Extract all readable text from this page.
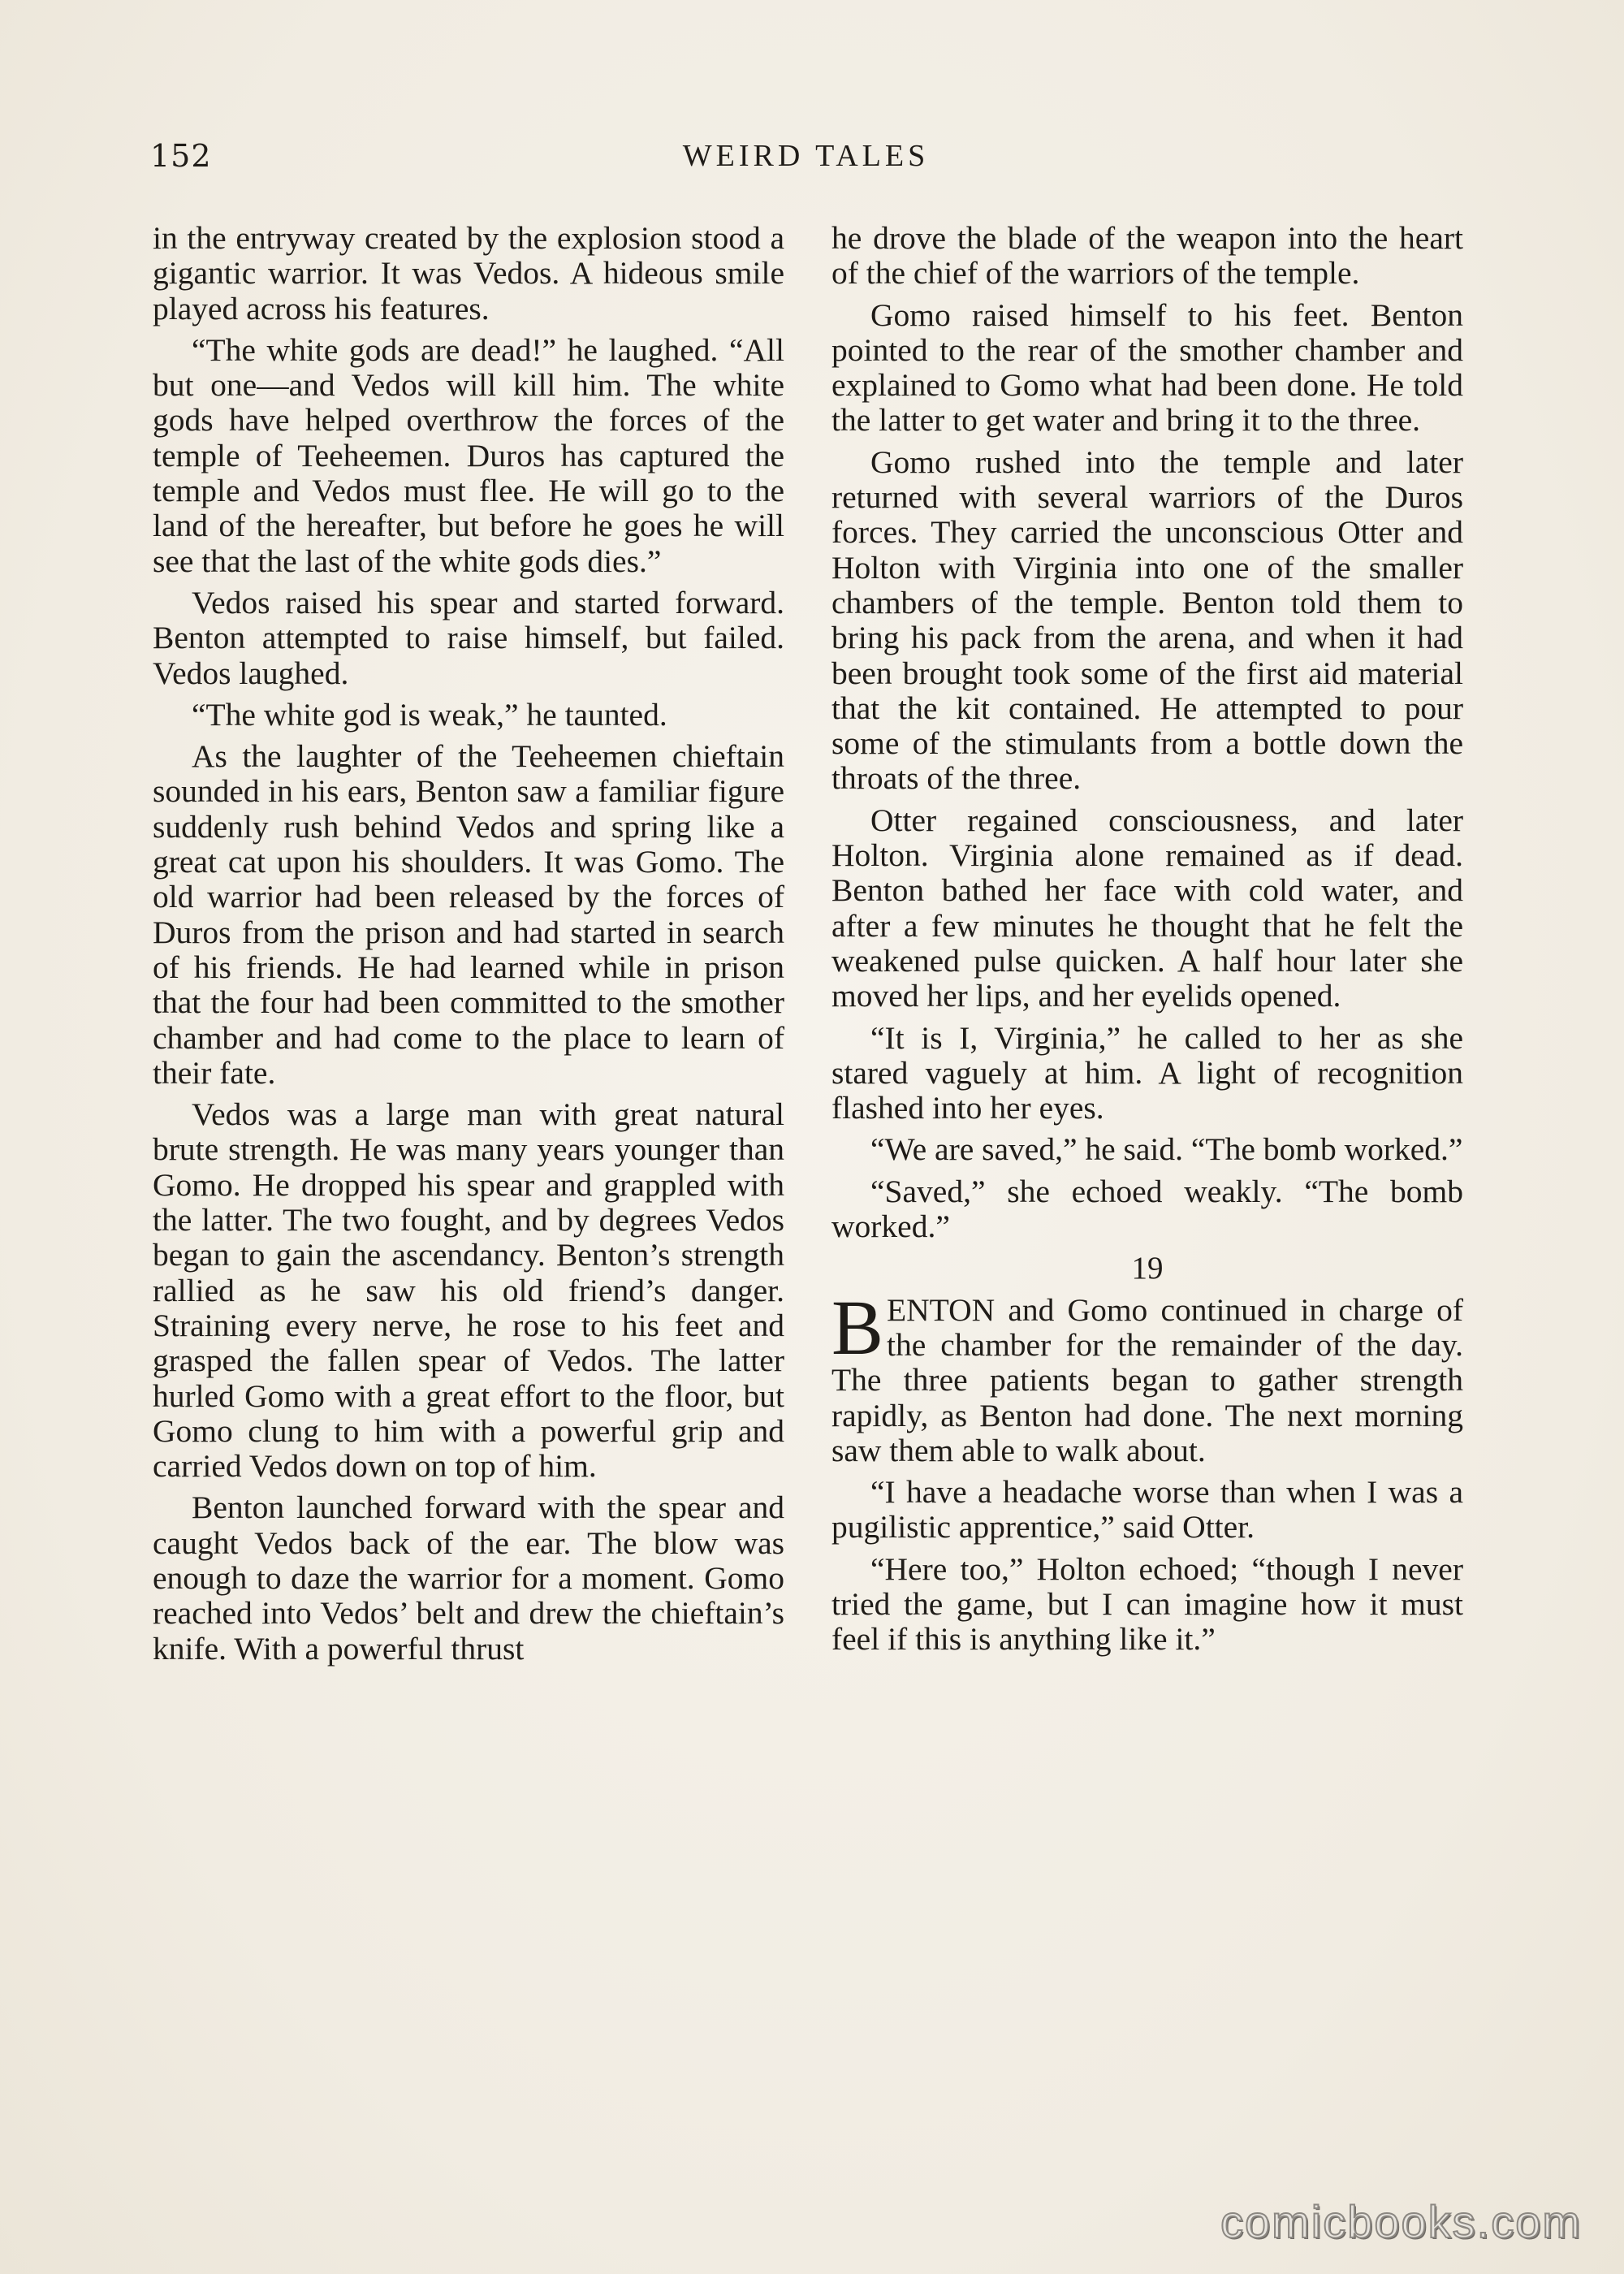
152	WEIRD TALES

in the entryway created by the explosion stood a gigantic warrior. It was Vedos. A hideous smile played across his features.

“The white gods are dead!” he laughed. “All but one—and Vedos will kill him. The white gods have helped overthrow the forces of the temple of Teeheemen. Duros has captured the temple and Vedos must flee. He will go to the land of the hereafter, but before he goes he will see that the last of the white gods dies.”

Vedos raised his spear and started forward. Benton attempted to raise himself, but failed. Vedos laughed.

“The white god is weak,” he taunted.

As the laughter of the Teeheemen chieftain sounded in his ears, Benton saw a familiar figure suddenly rush behind Vedos and spring like a great cat upon his shoulders. It was Gomo. The old warrior had been released by the forces of Duros from the prison and had started in search of his friends. He had learned while in prison that the four had been committed to the smother chamber and had come to the place to learn of their fate.

Vedos was a large man with great natural brute strength. He was many years younger than Gomo. He dropped his spear and grappled with the latter. The two fought, and by degrees Vedos began to gain the ascendancy. Benton’s strength rallied as he saw his old friend’s danger. Straining every nerve, he rose to his feet and grasped the fallen spear of Vedos. The latter hurled Gomo with a great effort to the floor, but Gomo clung to him with a powerful grip and carried Vedos down on top of him.

Benton launched forward with the spear and caught Vedos back of the ear. The blow was enough to daze the warrior for a moment. Gomo reached into Vedos’ belt and drew the chieftain’s knife. With a powerful thrust

he drove the blade of the weapon into the heart of the chief of the warriors of the temple.

Gomo raised himself to his feet. Benton pointed to the rear of the smother chamber and explained to Gomo what had been done. He told the latter to get water and bring it to the three.

Gomo rushed into the temple and later returned with several warriors of the Duros forces. They carried the unconscious Otter and Holton with Virginia into one of the smaller chambers of the temple. Benton told them to bring his pack from the arena, and when it had been brought took some of the first aid material that the kit contained. He attempted to pour some of the stimulants from a bottle down the throats of the three.

Otter regained consciousness, and later Holton. Virginia alone remained as if dead. Benton bathed her face with cold water, and after a few minutes he thought that he felt the weakened pulse quicken. A half hour later she moved her lips, and her eyelids opened.

“It is I, Virginia,” he called to her as she stared vaguely at him. A light of recognition flashed into her eyes.

“We are saved,” he said. “The bomb worked.”

“Saved,” she echoed weakly. “The bomb worked.”

19

BENTON and Gomo continued in charge of the chamber for the remainder of the day. The three patients began to gather strength rapidly, as Benton had done. The next morning saw them able to walk about.

“I have a headache worse than when I was a pugilistic apprentice,” said Otter.

“Here too,” Holton echoed; “though I never tried the game, but I can imagine how it must feel if this is anything like it.”

comicbooks.com
